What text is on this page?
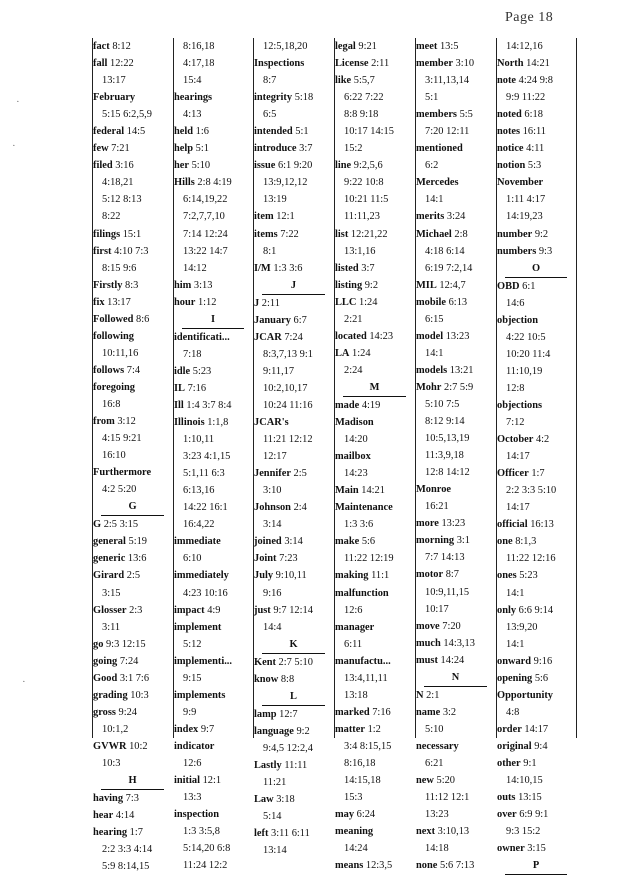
Page 18
fact 8:12
fall 12:22
13:17
February
5:15 6:2,5,9
federal 14:5
few 7:21
filed 3:16
4:18,21
5:12 8:13
8:22
filings 15:1
first 4:10 7:3
8:15 9:6
Firstly 8:3
fix 13:17
Followed 8:6
following
10:11,16
follows 7:4
foregoing
16:8
from 3:12
4:15 9:21
16:10
Furthermore
4:2 5:20
G
G 2:5 3:15
general 5:19
generic 13:6
Girard 2:5
3:15
Glosser 2:3
3:11
go 9:3 12:15
going 7:24
Good 3:1 7:6
grading 10:3
gross 9:24
10:1,2
GVWR 10:2
10:3
H
having 7:3
hear 4:14
hearing 1:7
2:2 3:3 4:14
5:9 8:14,15
8:16,18
4:17,18
15:4
hearings
4:13
held 1:6
help 5:1
her 5:10
Hills 2:8 4:19
6:14,19,22
7:2,7,7,10
7:14 12:24
13:22 14:7
14:12
him 3:13
hour 1:12
I
identificati...
7:18
idle 5:23
IL 7:16
Ill 1:4 3:7 8:4
Illinois 1:1,8
1:10,11
3:23 4:1,15
5:1,11 6:3
6:13,16
14:22 16:1
16:4,22
immediate
6:10
immediately
4:23 10:16
impact 4:9
implement
5:12
implementi...
9:15
implements
9:9
index 9:7
indicator
12:6
initial 12:1
13:3
inspection
1:3 3:5,8
5:14,20 6:8
11:24 12:2
12:5,18,20
Inspections
8:7
integrity 5:18
6:5
intended 5:1
introduce 3:7
issue 6:1 9:20
13:9,12,12
13:19
item 12:1
items 7:22
8:1
I/M 1:3 3:6
J
J 2:11
January 6:7
JCAR 7:24
8:3,7,13 9:1
9:11,17
10:2,10,17
10:24 11:16
JCAR's
11:21 12:12
12:17
Jennifer 2:5
3:10
Johnson 2:4
3:14
joined 3:14
Joint 7:23
July 9:10,11
9:16
just 9:7 12:14
14:4
K
Kent 2:7 5:10
know 8:8
L
lamp 12:7
language 9:2
9:4,5 12:2,4
Lastly 11:11
11:21
Law 3:18
5:14
left 3:11 6:11
13:14
legal 9:21
License 2:11
like 5:5,7
6:22 7:22
8:8 9:18
10:17 14:15
15:2
line 9:2,5,6
9:22 10:8
10:21 11:5
11:11,23
list 12:21,22
13:1,16
listed 3:7
listing 9:2
LLC 1:24
2:21
located 14:23
LA 1:24
2:24
M
made 4:19
Madison
14:20
mailbox
14:23
Main 14:21
Maintenance
1:3 3:6
make 5:6
11:22 12:19
making 11:1
malfunction
12:6
manager
6:11
manufactu...
13:4,11,11
13:18
marked 7:16
matter 1:2
3:4 8:15,15
8:16,18
14:15,18
15:3
may 6:24
meaning
14:24
means 12:3,5
meet 13:5
member 3:10
3:11,13,14
5:1
members 5:5
7:20 12:11
mentioned
6:2
Mercedes
14:1
merits 3:24
Michael 2:8
4:18 6:14
6:19 7:2,14
MIL 12:4,7
mobile 6:13
6:15
model 13:23
14:1
models 13:21
Mohr 2:7 5:9
5:10 7:5
8:12 9:14
10:5,13,19
11:3,9,18
12:8 14:12
Monroe
16:21
more 13:23
morning 3:1
7:7 14:13
motor 8:7
10:9,11,15
10:17
move 7:20
much 14:3,13
must 14:24
N
N 2:1
name 3:2
5:10
necessary
6:21
new 5:20
11:12 12:1
13:23
next 3:10,13
14:18
none 5:6 7:13
14:12,16
North 14:21
note 4:24 9:8
9:9 11:22
noted 6:18
notes 16:11
notice 4:11
notion 5:3
November
1:11 4:17
14:19,23
number 9:2
numbers 9:3
O
OBD 6:1
14:6
objection
4:22 10:5
10:20 11:4
11:10,19
12:8
objections
7:12
October 4:2
14:17
Officer 1:7
2:2 3:3 5:10
14:17
official 16:13
one 8:1,3
11:22 12:16
ones 5:23
14:1
only 6:6 9:14
13:9,20
14:1
onward 9:16
opening 5:6
Opportunity
4:8
order 14:17
original 9:4
other 9:1
14:10,15
outs 13:15
over 6:9 9:1
9:3 15:2
owner 3:15
P
·
·
·
